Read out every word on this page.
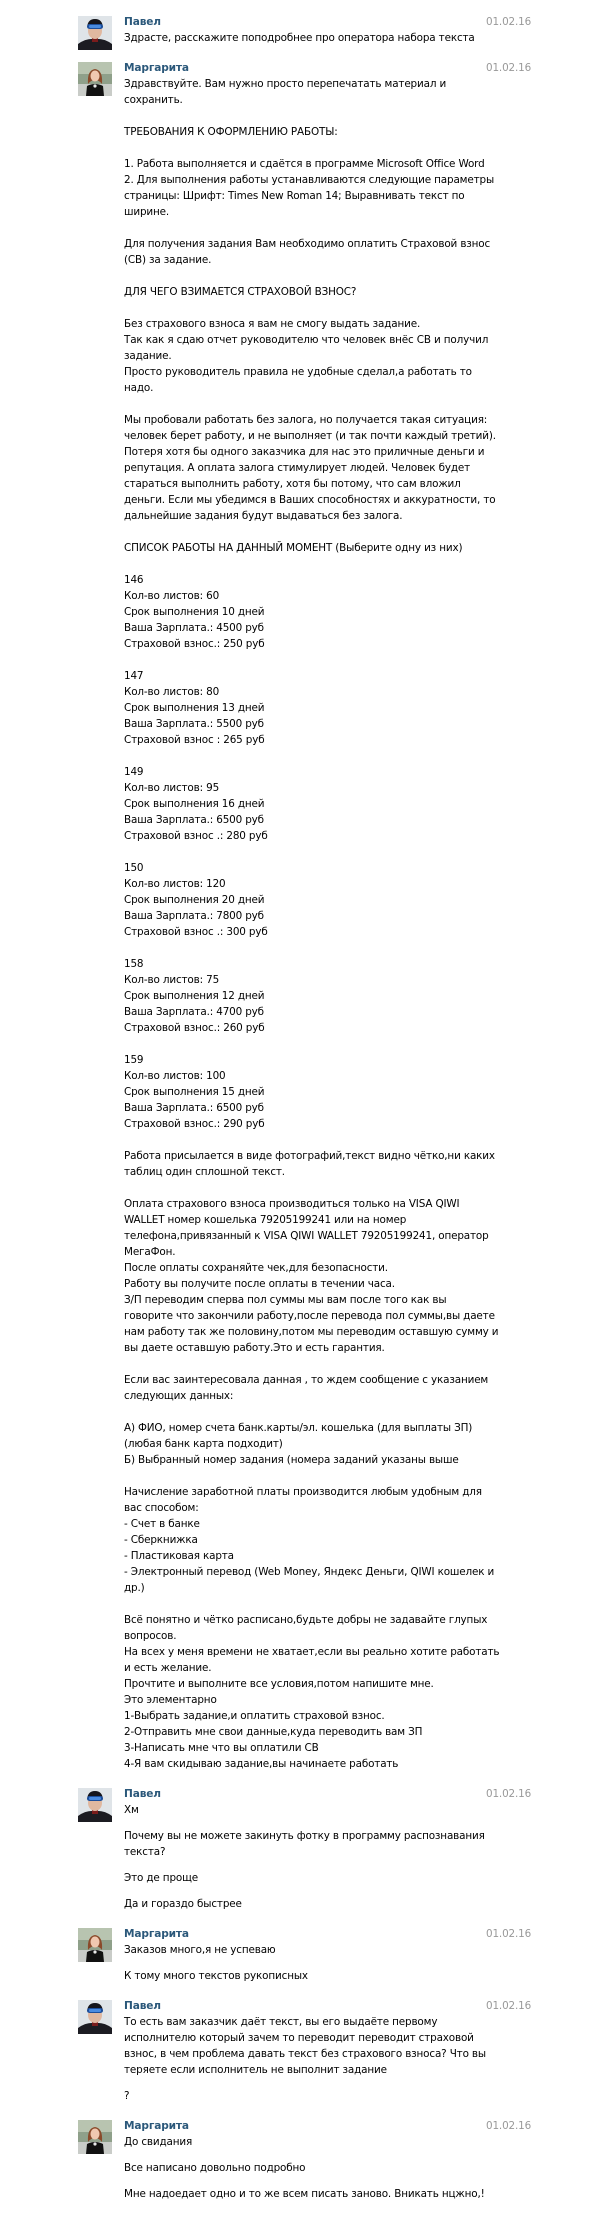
Павел	01.02.16
Здрасте, расскажите поподробнее про оператора набора текста
Маргарита	01.02.16
Здравствуйте. Вам нужно просто перепечатать материал и
сохранить.
ТРЕБОВАНИЯ К ОФОРМЛЕНИЮ РАБОТЫ:
1. Работа выполняется и сдаётся в программе Microsoft Office Word
2. Для выполнения работы устанавливаются следующие параметры
страницы: Шрифт: Times New Roman 14; Выравнивать текст по
ширине.
Для получения задания Вам необходимо оплатить Страховой взнос
(СВ) за задание.
ДЛЯ ЧЕГО ВЗИМАЕТСЯ СТРАХОВОЙ ВЗНОС?
Без страхового взноса я вам не смогу выдать задание.
Так как я сдаю отчет руководителю что человек внёс СВ и получил
задание.
Просто руководитель правила не удобные сделал,а работать то
надо.
Мы пробовали работать без залога, но получается такая ситуация:
человек берет работу, и не выполняет (и так почти каждый третий).
Потеря хотя бы одного заказчика для нас это приличные деньги и
репутация. А оплата залога стимулирует людей. Человек будет
стараться выполнить работу, хотя бы потому, что сам вложил
деньги. Если мы убедимся в Ваших способностях и аккуратности, то
дальнейшие задания будут выдаваться без залога.
СПИСОК РАБОТЫ НА ДАННЫЙ МОМЕНТ (Выберите одну из них)
146
Кол-во листов: 60
Срок выполнения 10 дней
Ваша Зарплата.: 4500 руб
Страховой взнос.: 250 руб
147
Кол-во листов: 80
Срок выполнения 13 дней
Ваша Зарплата.: 5500 руб
Страховой взнос : 265 руб
149
Кол-во листов: 95
Срок выполнения 16 дней
Ваша Зарплата.: 6500 руб
Страховой взнос .: 280 руб
150
Кол-во листов: 120
Срок выполнения 20 дней
Ваша Зарплата.: 7800 руб
Страховой взнос .: 300 руб
158
Кол-во листов: 75
Срок выполнения 12 дней
Ваша Зарплата.: 4700 руб
Страховой взнос.: 260 руб
159
Кол-во листов: 100
Срок выполнения 15 дней
Ваша Зарплата.: 6500 руб
Страховой взнос.: 290 руб
Работа присылается в виде фотографий,текст видно чётко,ни каких
таблиц один сплошной текст.
Оплата страхового взноса производиться только на VISA QIWI
WALLET номер кошелька 79205199241 или на номер
телефона,привязанный к VISA QIWI WALLET 79205199241, оператор
МегаФон.
После оплаты сохраняйте чек,для безопасности.
Работу вы получите после оплаты в течении часа.
З/П переводим сперва пол суммы мы вам после того как вы
говорите что закончили работу,после перевода пол суммы,вы даете
нам работу так же половину,потом мы переводим оставшую сумму и
вы даете оставшую работу.Это и есть гарантия.
Если вас заинтересовала данная , то ждем сообщение с указанием
следующих данных:
А) ФИО, номер счета банк.карты/эл. кошелька (для выплаты ЗП)
(любая банк карта подходит)
Б) Выбранный номер задания (номера заданий указаны выше
Начисление заработной платы производится любым удобным для
вас способом:
- Счет в банке
- Сберкнижка
- Пластиковая карта
- Электронный перевод (Web Money, Яндекс Деньги, QIWI кошелек и
др.)
Всё понятно и чётко расписано,будьте добры не задавайте глупых
вопросов.
На всех у меня времени не хватает,если вы реально хотите работать
и есть желание.
Прочтите и выполните все условия,потом напишите мне.
Это элементарно
1-Выбрать задание,и оплатить страховой взнос.
2-Отправить мне свои данные,куда переводить вам ЗП
3-Написать мне что вы оплатили СВ
4-Я вам скидываю задание,вы начинаете работать
Павел	01.02.16
Хм
Почему вы не можете закинуть фотку в программу распознавания
текста?
Это де проще
Да и гораздо быстрее
Маргарита	01.02.16
Заказов много,я не успеваю
К тому много текстов рукописных
Павел	01.02.16
То есть вам заказчик даёт текст, вы его выдаёте первому
исполнителю который зачем то переводит переводит страховой
взнос, в чем проблема давать текст без страхового взноса? Что вы
теряете если исполнитель не выполнит задание
?
Маргарита	01.02.16
До свидания
Все написано довольно подробно
Мне надоедает одно и то же всем писать заново. Вникать нцжно,!
